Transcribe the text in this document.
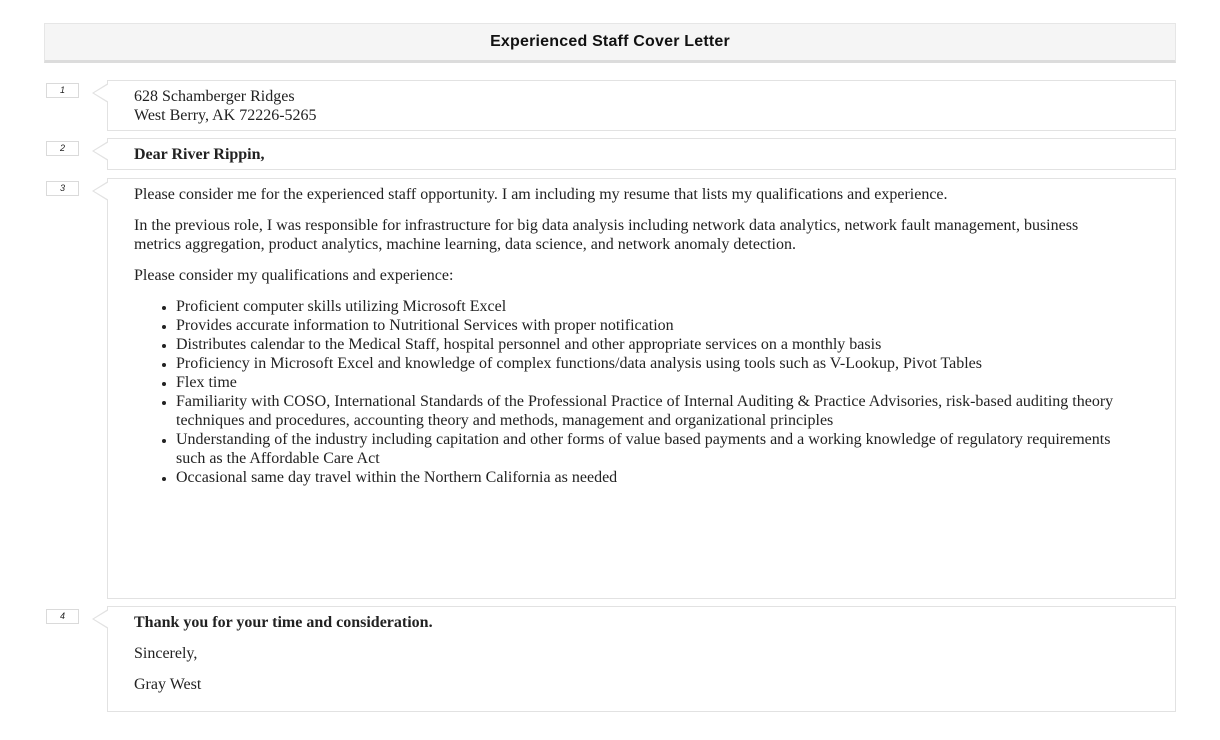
Experienced Staff Cover Letter
1	628 Schamberger Ridges
West Berry, AK 72226-5265
2	Dear River Rippin,
3	Please consider me for the experienced staff opportunity. I am including my resume that lists my qualifications and experience.

In the previous role, I was responsible for infrastructure for big data analysis including network data analytics, network fault management, business metrics aggregation, product analytics, machine learning, data science, and network anomaly detection.

Please consider my qualifications and experience:

• Proficient computer skills utilizing Microsoft Excel
• Provides accurate information to Nutritional Services with proper notification
• Distributes calendar to the Medical Staff, hospital personnel and other appropriate services on a monthly basis
• Proficiency in Microsoft Excel and knowledge of complex functions/data analysis using tools such as V-Lookup, Pivot Tables
• Flex time
• Familiarity with COSO, International Standards of the Professional Practice of Internal Auditing & Practice Advisories, risk-based auditing theory techniques and procedures, accounting theory and methods, management and organizational principles
• Understanding of the industry including capitation and other forms of value based payments and a working knowledge of regulatory requirements such as the Affordable Care Act
• Occasional same day travel within the Northern California as needed
4	Thank you for your time and consideration.

Sincerely,

Gray West
